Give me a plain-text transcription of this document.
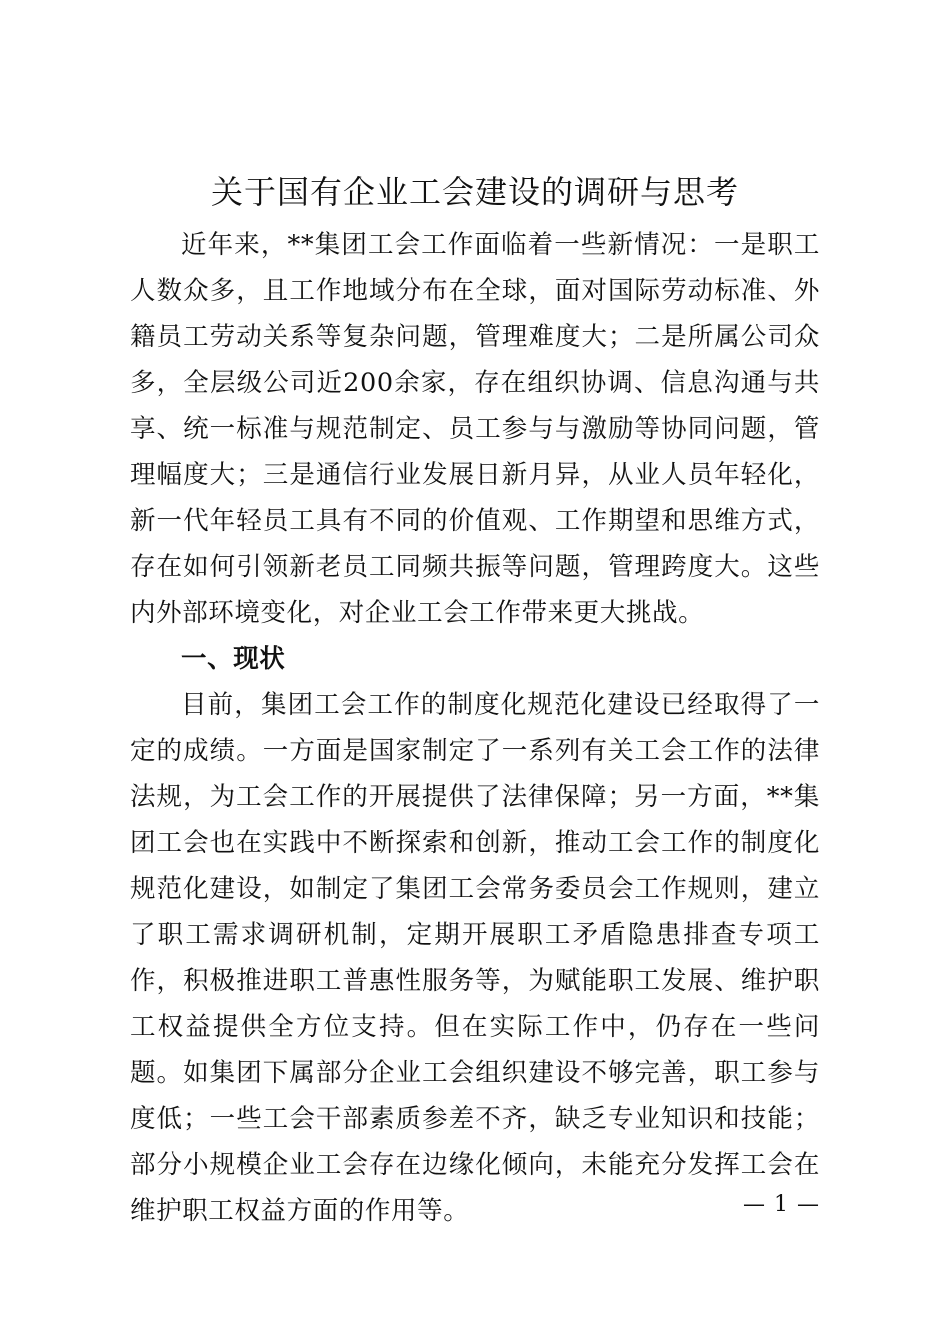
关于国有企业工会建设的调研与思考

近年来，**集团工会工作面临着一些新情况：一是职工人数众多，且工作地域分布在全球，面对国际劳动标准、外籍员工劳动关系等复杂问题，管理难度大；二是所属公司众多，全层级公司近200余家，存在组织协调、信息沟通与共享、统一标准与规范制定、员工参与与激励等协同问题，管理幅度大；三是通信行业发展日新月异，从业人员年轻化，新一代年轻员工具有不同的价值观、工作期望和思维方式，存在如何引领新老员工同频共振等问题，管理跨度大。这些内外部环境变化，对企业工会工作带来更大挑战。

一、现状

目前，集团工会工作的制度化规范化建设已经取得了一定的成绩。一方面是国家制定了一系列有关工会工作的法律法规，为工会工作的开展提供了法律保障；另一方面，**集团工会也在实践中不断探索和创新，推动工会工作的制度化规范化建设，如制定了集团工会常务委员会工作规则，建立了职工需求调研机制，定期开展职工矛盾隐患排查专项工作，积极推进职工普惠性服务等，为赋能职工发展、维护职工权益提供全方位支持。但在实际工作中，仍存在一些问题。如集团下属部分企业工会组织建设不够完善，职工参与度低；一些工会干部素质参差不齐，缺乏专业知识和技能；部分小规模企业工会存在边缘化倾向，未能充分发挥工会在维护职工权益方面的作用等。	— 1 —
